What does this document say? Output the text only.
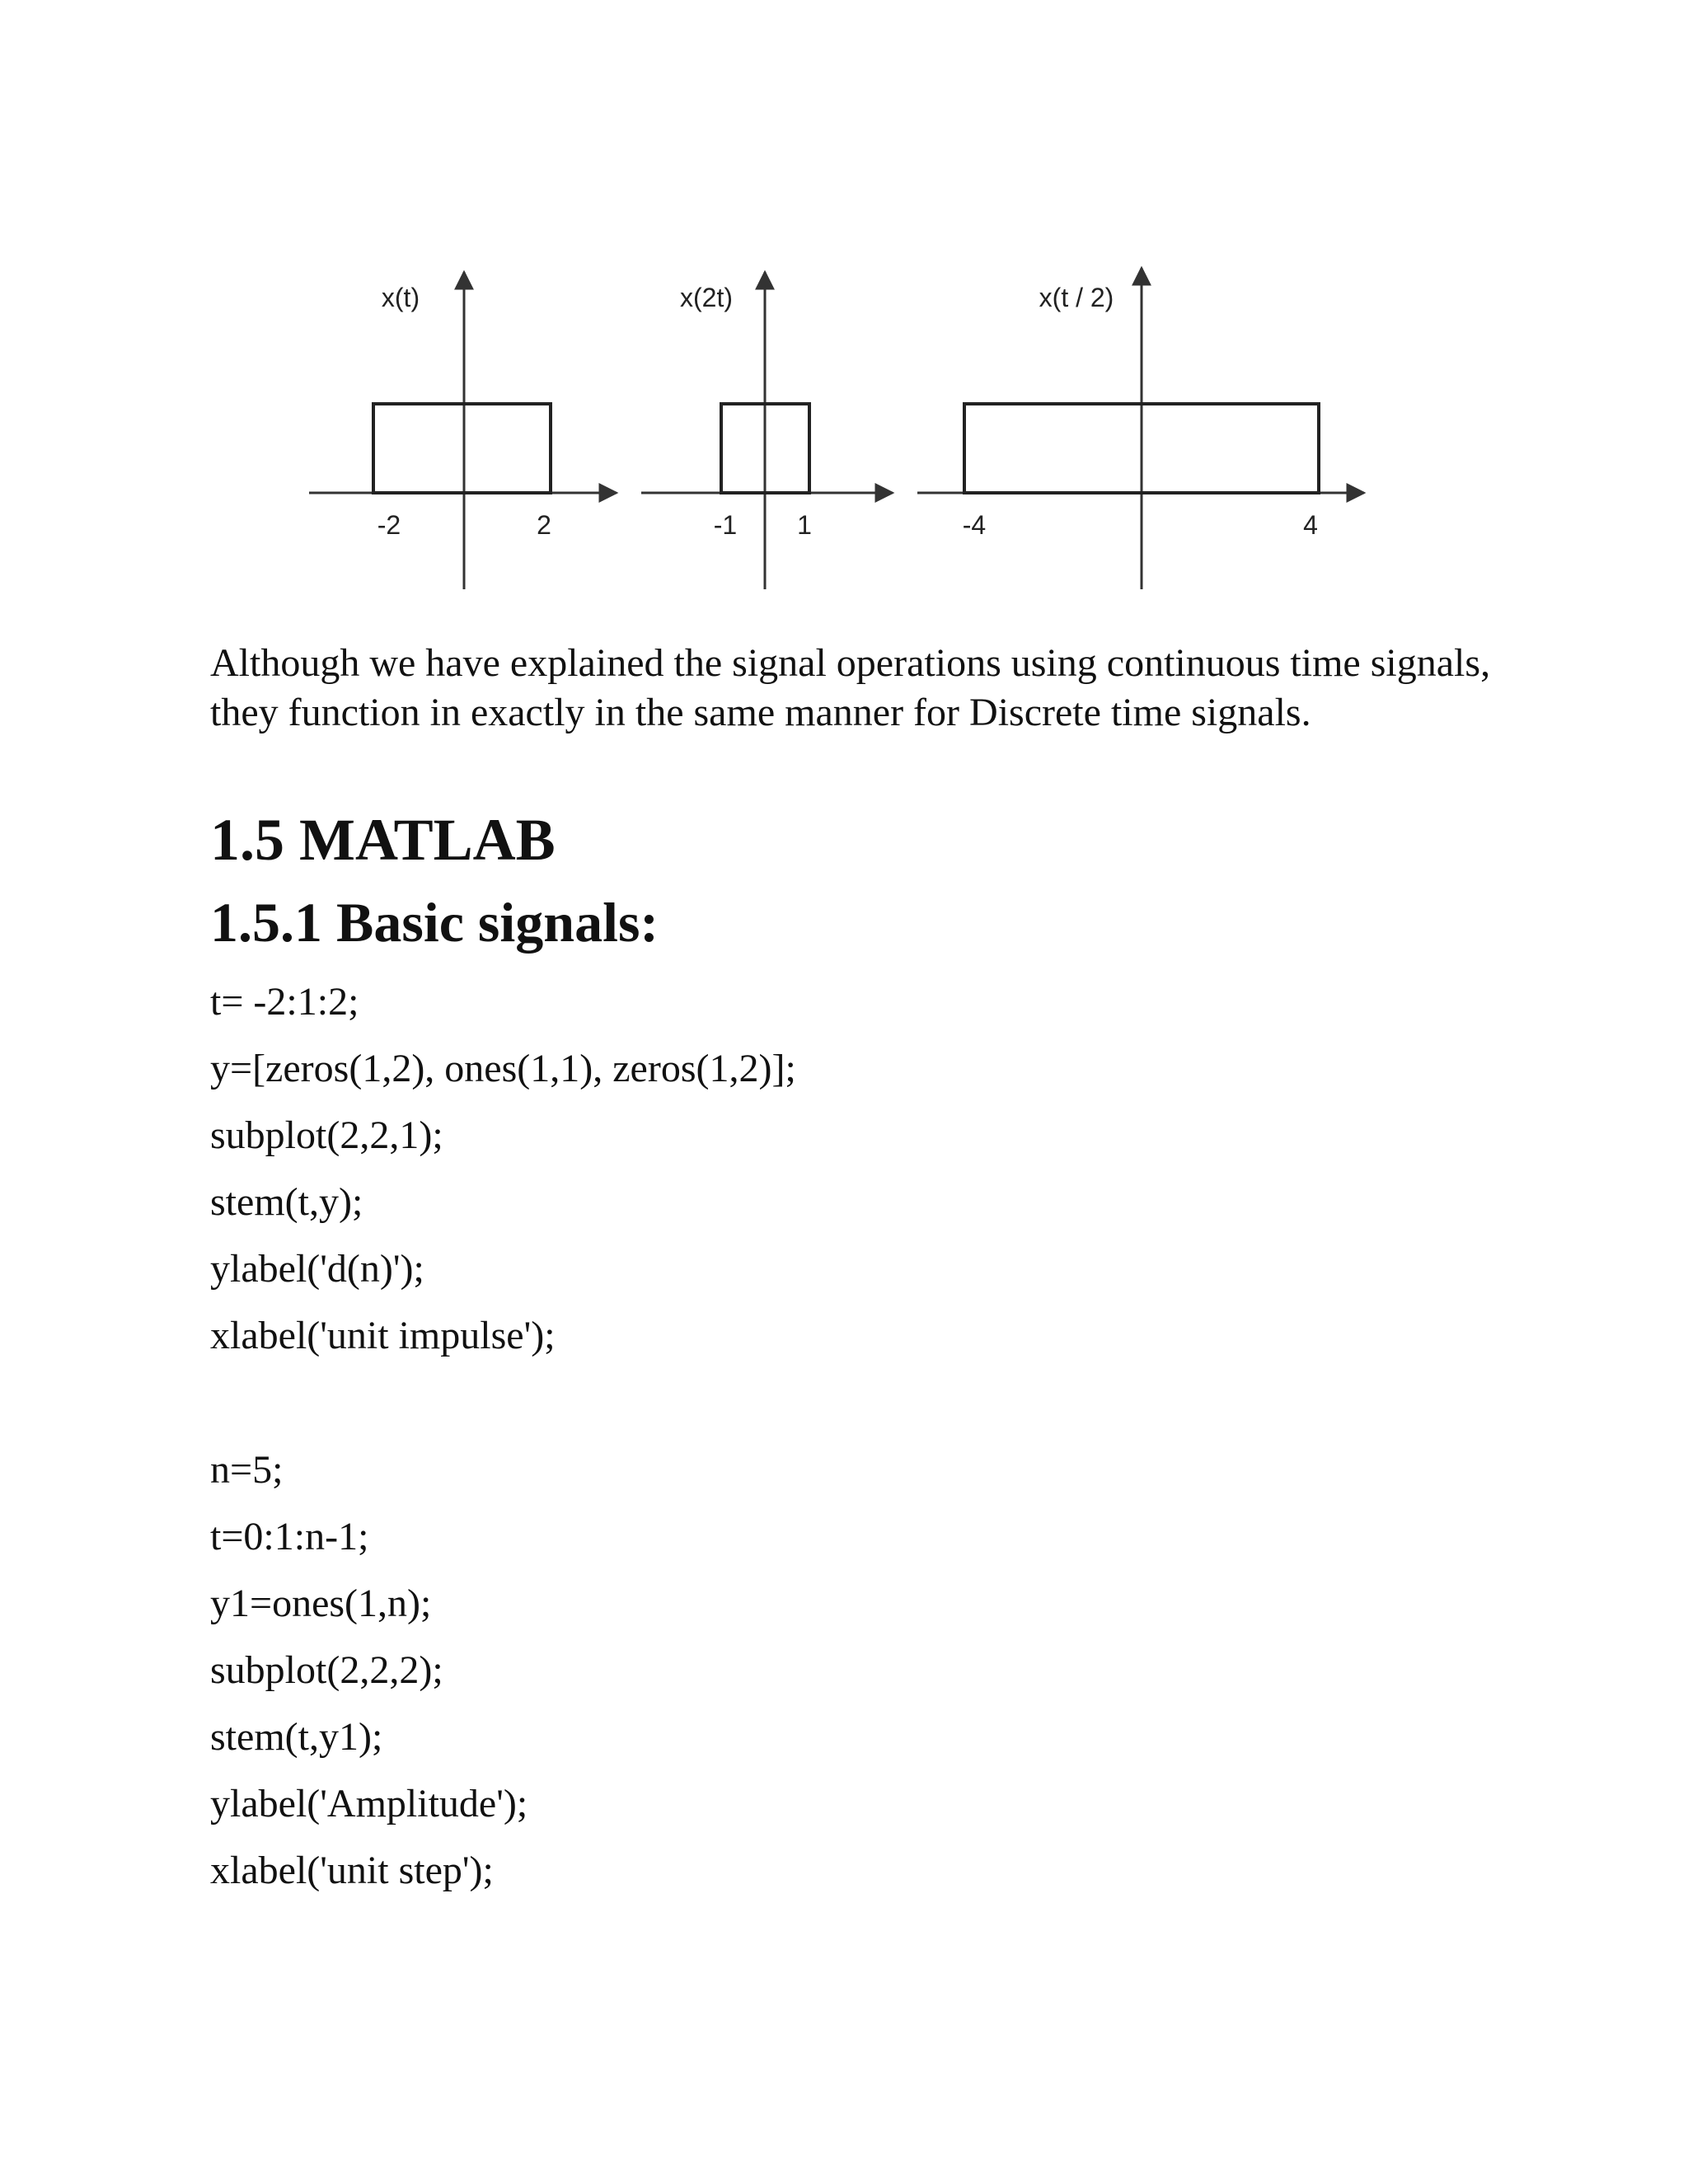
x(t)
-2	2
x(2t)
-1 1
x(t / 2)
-4	4

Although we have explained the signal operations using continuous time signals, they function in exactly in the same manner for Discrete time signals.

1.5 MATLAB
1.5.1 Basic signals:

t= -2:1:2;

y=[zeros(1,2), ones(1,1), zeros(1,2)];

subplot(2,2,1);

stem(t,y);

ylabel('d(n)');

xlabel('unit impulse');

n=5;

t=0:1:n-1;

y1=ones(1,n);

subplot(2,2,2);

stem(t,y1);

ylabel('Amplitude');

xlabel('unit step');
